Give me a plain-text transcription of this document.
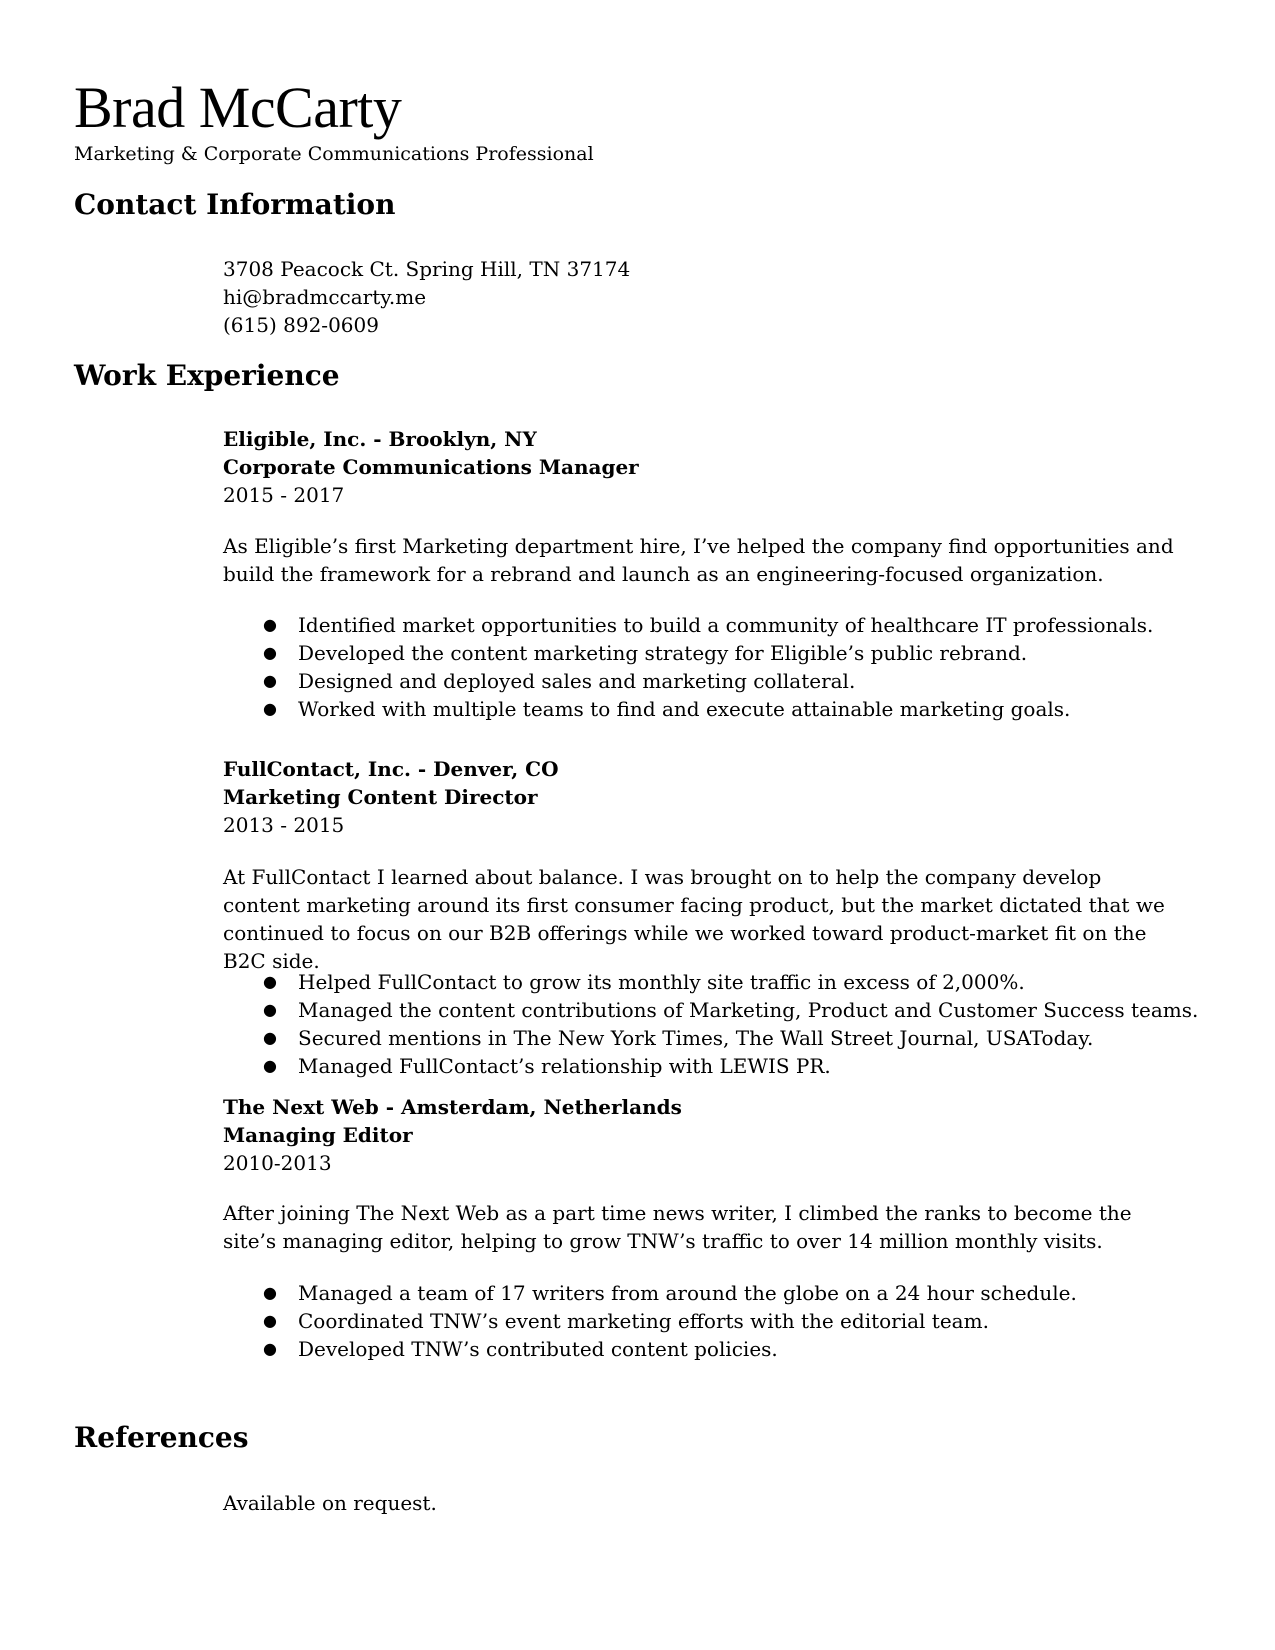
Brad McCarty

Marketing & Corporate Communications Professional

Contact Information

3708 Peacock Ct. Spring Hill, TN 37174

hi@bradmccarty.me

(615) 892-0609

Work Experience

Eligible, Inc. - Brooklyn, NY

Corporate Communications Manager

2015 - 2017

As Eligible’s first Marketing department hire, I’ve helped the company find opportunities and build the framework for a rebrand and launch as an engineering-focused organization.

● Identified market opportunities to build a community of healthcare IT professionals.
● Developed the content marketing strategy for Eligible’s public rebrand.
● Designed and deployed sales and marketing collateral.
● Worked with multiple teams to find and execute attainable marketing goals.

FullContact, Inc. - Denver, CO

Marketing Content Director

2013 - 2015

At FullContact I learned about balance. I was brought on to help the company develop content marketing around its first consumer facing product, but the market dictated that we continued to focus on our B2B offerings while we worked toward product-market fit on the B2C side.

● Helped FullContact to grow its monthly site traffic in excess of 2,000%.
● Managed the content contributions of Marketing, Product and Customer Success teams.
● Secured mentions in The New York Times, The Wall Street Journal, USAToday.
● Managed FullContact’s relationship with LEWIS PR.

The Next Web - Amsterdam, Netherlands

Managing Editor

2010-2013

After joining The Next Web as a part time news writer, I climbed the ranks to become the site’s managing editor, helping to grow TNW’s traffic to over 14 million monthly visits.

● Managed a team of 17 writers from around the globe on a 24 hour schedule.
● Coordinated TNW’s event marketing efforts with the editorial team.
● Developed TNW’s contributed content policies.
References

Available on request.
